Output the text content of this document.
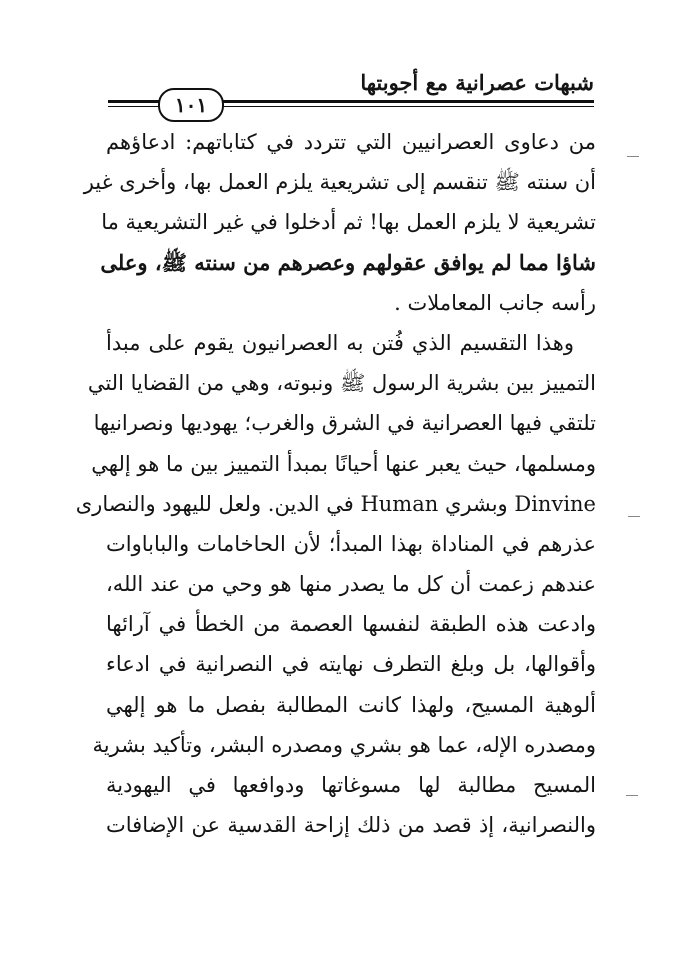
شبهات عصرانية مع أجوبتها
١٠١
من دعاوى العصرانيين التي تتردد في كتاباتهم: ادعاؤهم
أن سنته ﷺ تنقسم إلى تشريعية يلزم العمل بها، وأخرى غير
تشريعية لا يلزم العمل بها! ثم أدخلوا في غير التشريعية ما
شاؤا مما لم يوافق عقولهم وعصرهم من سنته ﷺ، وعلى
رأسه جانب المعاملات .
وهذا التقسيم الذي فُتن به العصرانيون يقوم على مبدأ
التمييز بين بشرية الرسول ﷺ ونبوته، وهي من القضايا التي
تلتقي فيها العصرانية في الشرق والغرب؛ يهوديها ونصرانيها
ومسلمها، حيث يعبر عنها أحيانًا بمبدأ التمييز بين ما هو إلهي
Dinvine وبشري Human في الدين. ولعل لليهود والنصارى
عذرهم في المناداة بهذا المبدأ؛ لأن الحاخامات والباباوات
عندهم زعمت أن كل ما يصدر منها هو وحي من عند الله،
وادعت هذه الطبقة لنفسها العصمة من الخطأ في آرائها
وأقوالها، بل وبلغ التطرف نهايته في النصرانية في ادعاء
ألوهية المسيح، ولهذا كانت المطالبة بفصل ما هو إلهي
ومصدره الإله، عما هو بشري ومصدره البشر، وتأكيد بشرية
المسيح مطالبة لها مسوغاتها ودوافعها في اليهودية
والنصرانية، إذ قصد من ذلك إزاحة القدسية عن الإضافات
